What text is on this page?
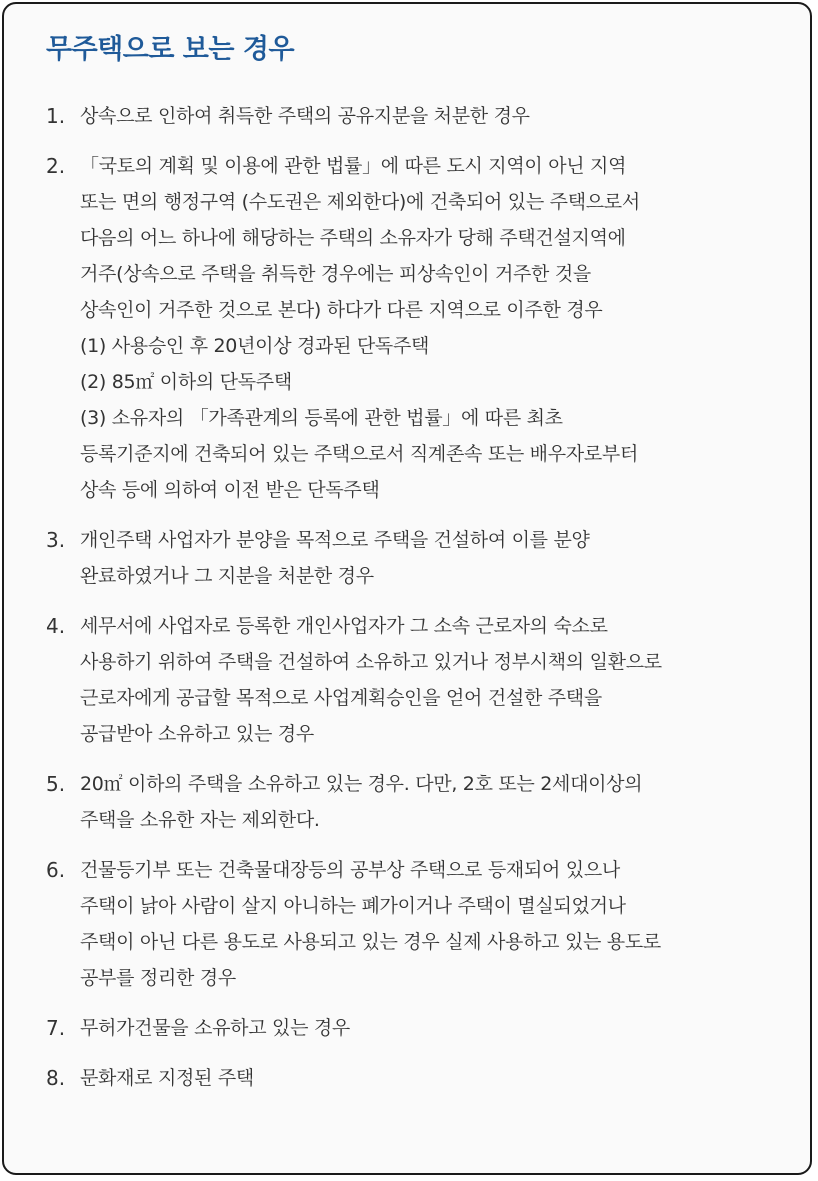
무주택으로 보는 경우
1. 상속으로 인하여 취득한 주택의 공유지분을 처분한 경우
2. 「국토의 계획 및 이용에 관한 법률」에 따른 도시 지역이 아닌 지역
또는 면의 행정구역 (수도권은 제외한다)에 건축되어 있는 주택으로서
다음의 어느 하나에 해당하는 주택의 소유자가 당해 주택건설지역에
거주(상속으로 주택을 취득한 경우에는 피상속인이 거주한 것을
상속인이 거주한 것으로 본다) 하다가 다른 지역으로 이주한 경우
(1) 사용승인 후 20년이상 경과된 단독주택
(2) 85㎡ 이하의 단독주택
(3) 소유자의 「가족관계의 등록에 관한 법률」에 따른 최초
등록기준지에 건축되어 있는 주택으로서 직계존속 또는 배우자로부터
상속 등에 의하여 이전 받은 단독주택
3. 개인주택 사업자가 분양을 목적으로 주택을 건설하여 이를 분양
완료하였거나 그 지분을 처분한 경우
4. 세무서에 사업자로 등록한 개인사업자가 그 소속 근로자의 숙소로
사용하기 위하여 주택을 건설하여 소유하고 있거나 정부시책의 일환으로
근로자에게 공급할 목적으로 사업계획승인을 얻어 건설한 주택을
공급받아 소유하고 있는 경우
5. 20㎡ 이하의 주택을 소유하고 있는 경우. 다만, 2호 또는 2세대이상의
주택을 소유한 자는 제외한다.
6. 건물등기부 또는 건축물대장등의 공부상 주택으로 등재되어 있으나
주택이 낡아 사람이 살지 아니하는 폐가이거나 주택이 멸실되었거나
주택이 아닌 다른 용도로 사용되고 있는 경우 실제 사용하고 있는 용도로
공부를 정리한 경우
7. 무허가건물을 소유하고 있는 경우
8. 문화재로 지정된 주택
